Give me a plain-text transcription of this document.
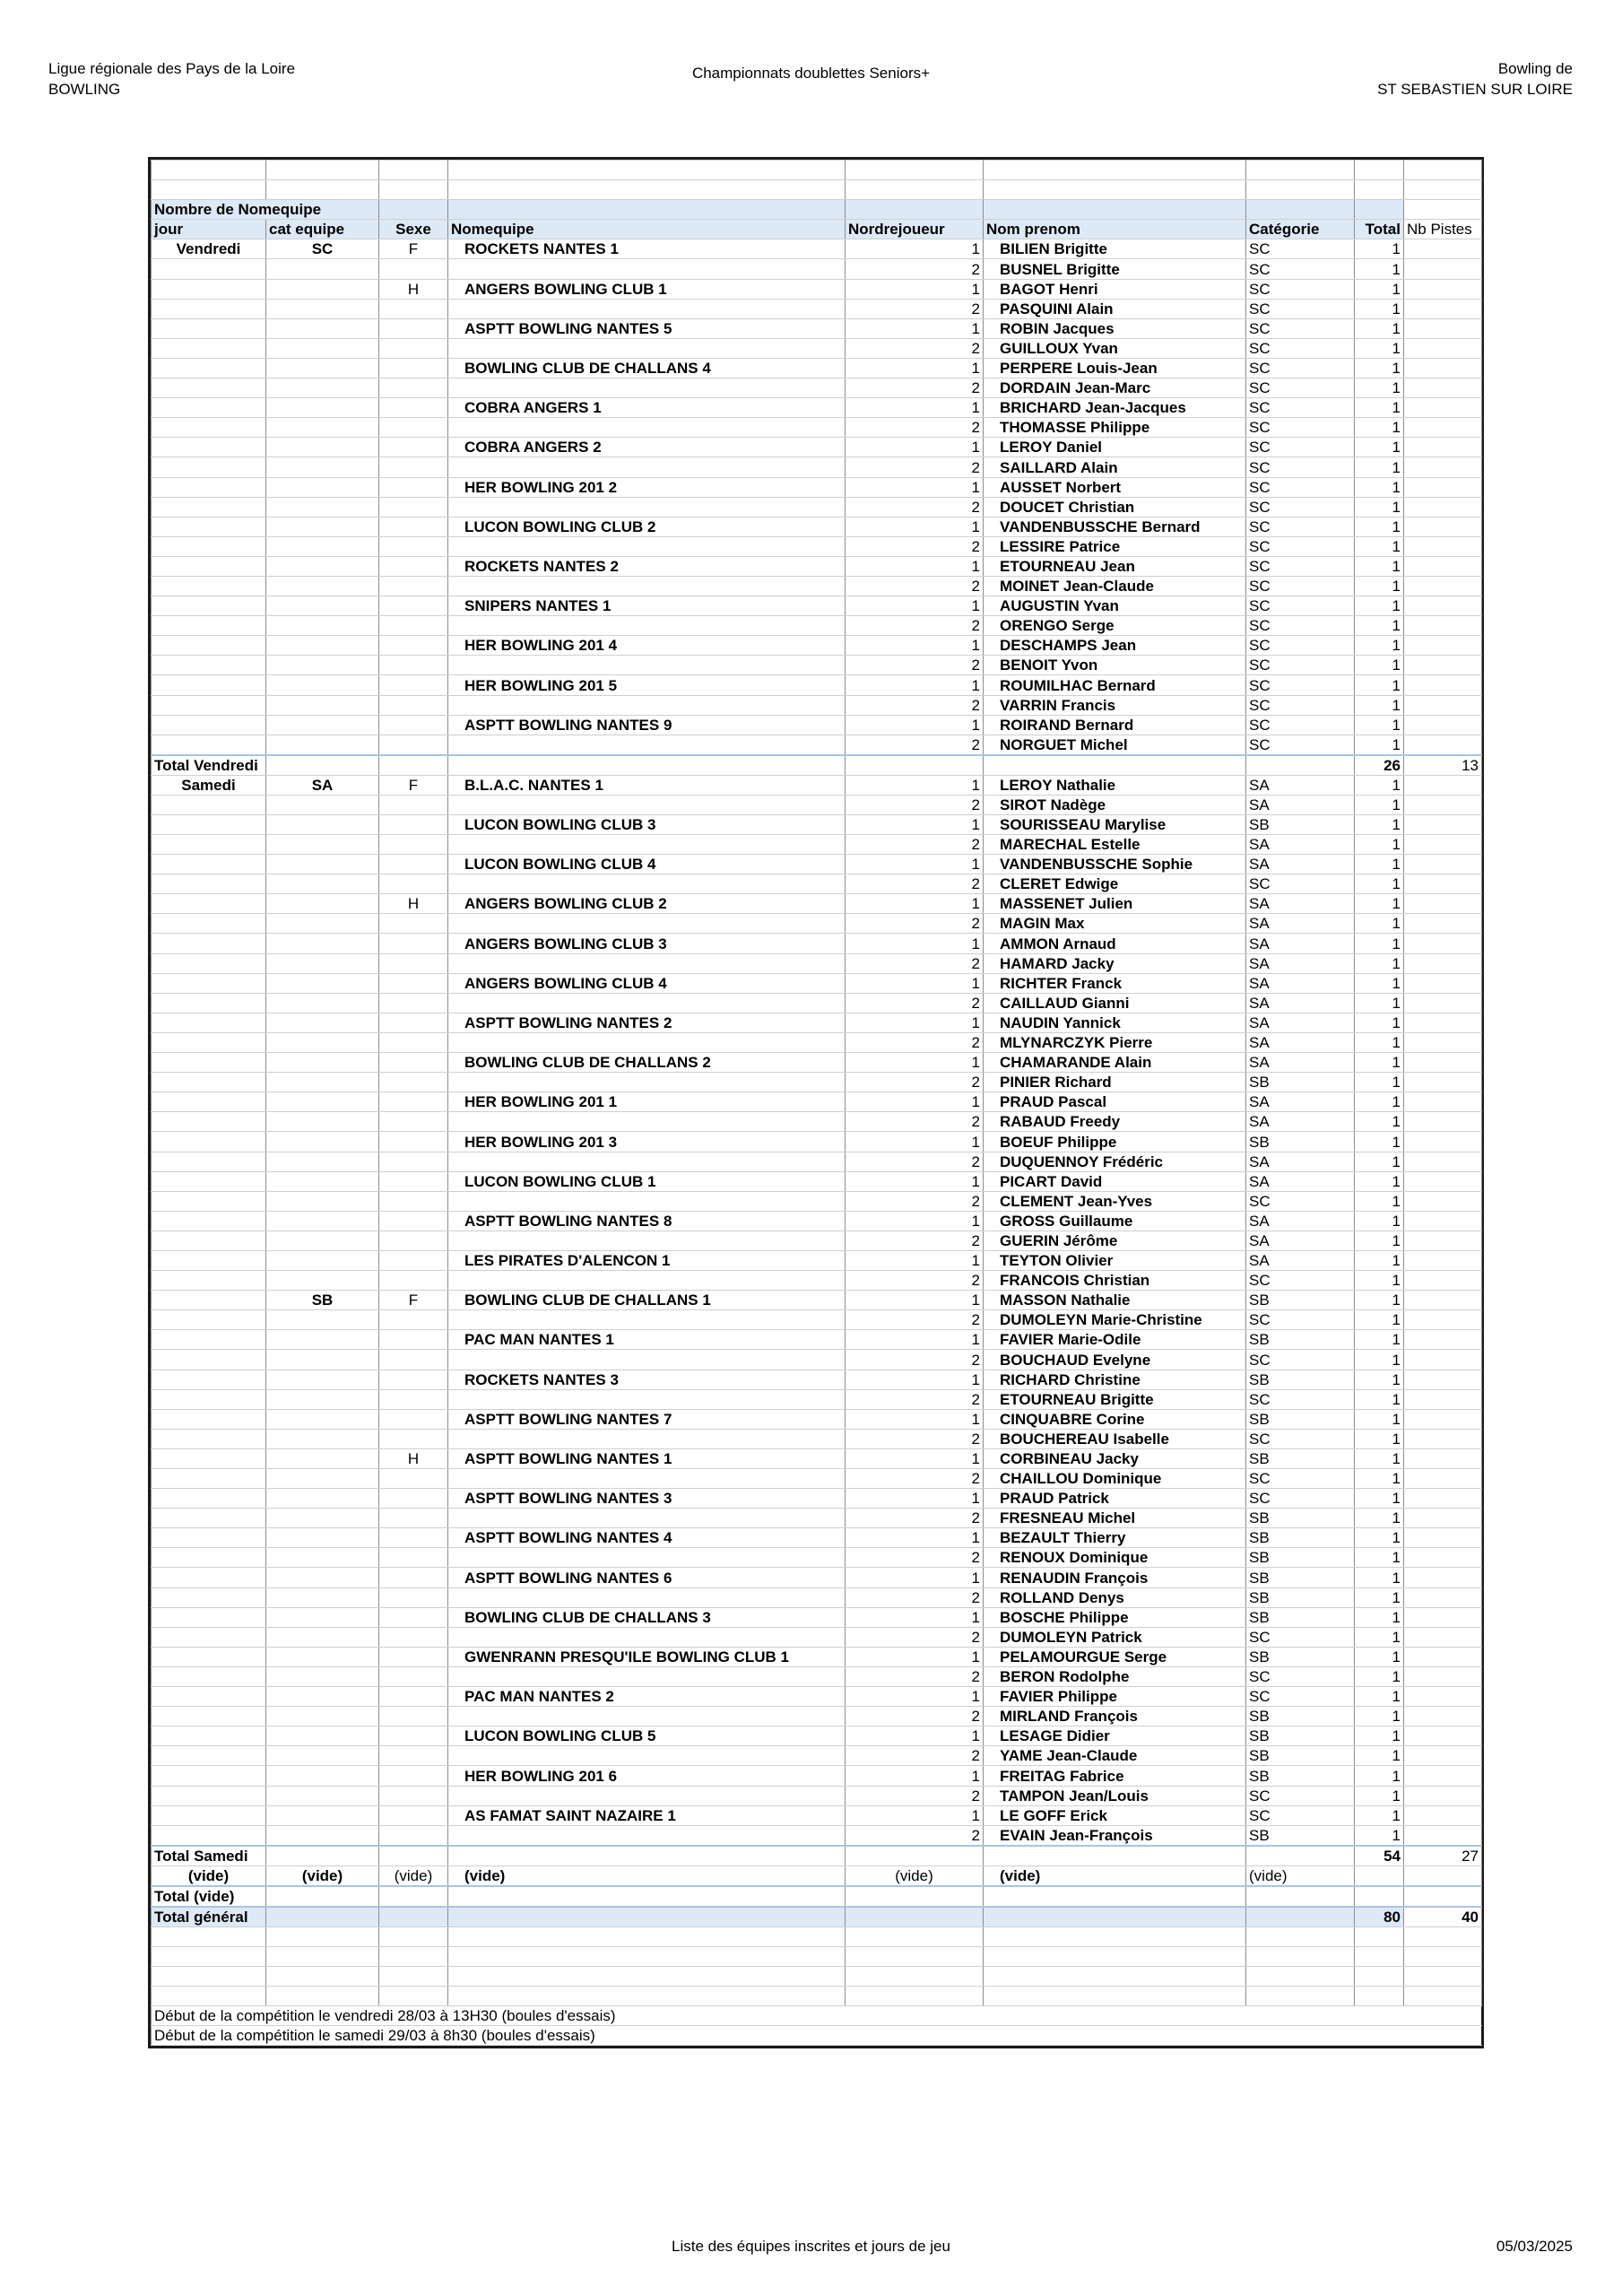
Ligue régionale des Pays de la Loire
BOWLING
Championnats doublettes Seniors+	Bowling de
ST SEBASTIEN SUR LOIRE

Nombre de Nomequipe								
jour	cat equipe	Sexe	Nomequipe	Nordrejoueur	Nom prenom	Catégorie	Total	Nb Pistes
Vendredi	SC	F	ROCKETS NANTES 1	1	BILIEN Brigitte	SC	1	
				2	BUSNEL Brigitte	SC	1	
		H	ANGERS BOWLING CLUB 1	1	BAGOT Henri	SC	1	
				2	PASQUINI Alain	SC	1	
			ASPTT BOWLING NANTES 5	1	ROBIN Jacques	SC	1	
				2	GUILLOUX Yvan	SC	1	
			BOWLING CLUB DE CHALLANS 4	1	PERPERE Louis-Jean	SC	1	
				2	DORDAIN Jean-Marc	SC	1	
			COBRA ANGERS 1	1	BRICHARD Jean-Jacques	SC	1	
				2	THOMASSE Philippe	SC	1	
			COBRA ANGERS 2	1	LEROY Daniel	SC	1	
				2	SAILLARD Alain	SC	1	
			HER BOWLING 201 2	1	AUSSET Norbert	SC	1	
				2	DOUCET Christian	SC	1	
			LUCON BOWLING CLUB 2	1	VANDENBUSSCHE Bernard	SC	1	
				2	LESSIRE Patrice	SC	1	
			ROCKETS NANTES 2	1	ETOURNEAU Jean	SC	1	
				2	MOINET Jean-Claude	SC	1	
			SNIPERS NANTES 1	1	AUGUSTIN Yvan	SC	1	
				2	ORENGO Serge	SC	1	
			HER BOWLING 201 4	1	DESCHAMPS Jean	SC	1	
				2	BENOIT Yvon	SC	1	
			HER BOWLING 201 5	1	ROUMILHAC Bernard	SC	1	
				2	VARRIN Francis	SC	1	
			ASPTT BOWLING NANTES 9	1	ROIRAND Bernard	SC	1	
				2	NORGUET Michel	SC	1	
Total Vendredi							26	13
Samedi	SA	F	B.L.A.C. NANTES 1	1	LEROY Nathalie	SA	1	
				2	SIROT Nadège	SA	1	
			LUCON BOWLING CLUB 3	1	SOURISSEAU Marylise	SB	1	
				2	MARECHAL Estelle	SA	1	
			LUCON BOWLING CLUB 4	1	VANDENBUSSCHE Sophie	SA	1	
				2	CLERET Edwige	SC	1	
		H	ANGERS BOWLING CLUB 2	1	MASSENET Julien	SA	1	
				2	MAGIN Max	SA	1	
			ANGERS BOWLING CLUB 3	1	AMMON Arnaud	SA	1	
				2	HAMARD Jacky	SA	1	
			ANGERS BOWLING CLUB 4	1	RICHTER Franck	SA	1	
				2	CAILLAUD Gianni	SA	1	
			ASPTT BOWLING NANTES 2	1	NAUDIN Yannick	SA	1	
				2	MLYNARCZYK Pierre	SA	1	
			BOWLING CLUB DE CHALLANS 2	1	CHAMARANDE Alain	SA	1	
				2	PINIER Richard	SB	1	
			HER BOWLING 201 1	1	PRAUD Pascal	SA	1	
				2	RABAUD Freedy	SA	1	
			HER BOWLING 201 3	1	BOEUF Philippe	SB	1	
				2	DUQUENNOY Frédéric	SA	1	
			LUCON BOWLING CLUB 1	1	PICART David	SA	1	
				2	CLEMENT Jean-Yves	SC	1	
			ASPTT BOWLING NANTES 8	1	GROSS Guillaume	SA	1	
				2	GUERIN Jérôme	SA	1	
			LES PIRATES D'ALENCON 1	1	TEYTON Olivier	SA	1	
				2	FRANCOIS Christian	SC	1	
	SB	F	BOWLING CLUB DE CHALLANS 1	1	MASSON Nathalie	SB	1	
				2	DUMOLEYN Marie-Christine	SC	1	
			PAC MAN NANTES 1	1	FAVIER Marie-Odile	SB	1	
				2	BOUCHAUD Evelyne	SC	1	
			ROCKETS NANTES 3	1	RICHARD Christine	SB	1	
				2	ETOURNEAU Brigitte	SC	1	
			ASPTT BOWLING NANTES 7	1	CINQUABRE Corine	SB	1	
				2	BOUCHEREAU Isabelle	SC	1	
		H	ASPTT BOWLING NANTES 1	1	CORBINEAU Jacky	SB	1	
				2	CHAILLOU Dominique	SC	1	
			ASPTT BOWLING NANTES 3	1	PRAUD Patrick	SC	1	
				2	FRESNEAU Michel	SB	1	
			ASPTT BOWLING NANTES 4	1	BEZAULT Thierry	SB	1	
				2	RENOUX Dominique	SB	1	
			ASPTT BOWLING NANTES 6	1	RENAUDIN François	SB	1	
				2	ROLLAND Denys	SB	1	
			BOWLING CLUB DE CHALLANS 3	1	BOSCHE Philippe	SB	1	
				2	DUMOLEYN Patrick	SC	1	
			GWENRANN PRESQU'ILE BOWLING CLUB 1	1	PELAMOURGUE Serge	SB	1	
				2	BERON Rodolphe	SC	1	
			PAC MAN NANTES 2	1	FAVIER Philippe	SC	1	
				2	MIRLAND François	SB	1	
			LUCON BOWLING CLUB 5	1	LESAGE Didier	SB	1	
				2	YAME Jean-Claude	SB	1	
			HER BOWLING 201 6	1	FREITAG Fabrice	SB	1	
				2	TAMPON Jean/Louis	SC	1	
			AS FAMAT SAINT NAZAIRE 1	1	LE GOFF Erick	SC	1	
				2	EVAIN Jean-François	SB	1	
Total Samedi							54	27
(vide)	(vide)	(vide)	(vide)	(vide)	(vide)	(vide)		
Total (vide)								
Total général							80	40

Début de la compétition le vendredi 28/03 à 13H30 (boules d'essais)								
Début de la compétition le samedi 29/03 à 8h30 (boules d'essais)								
Liste des équipes inscrites et jours de jeu	05/03/2025
